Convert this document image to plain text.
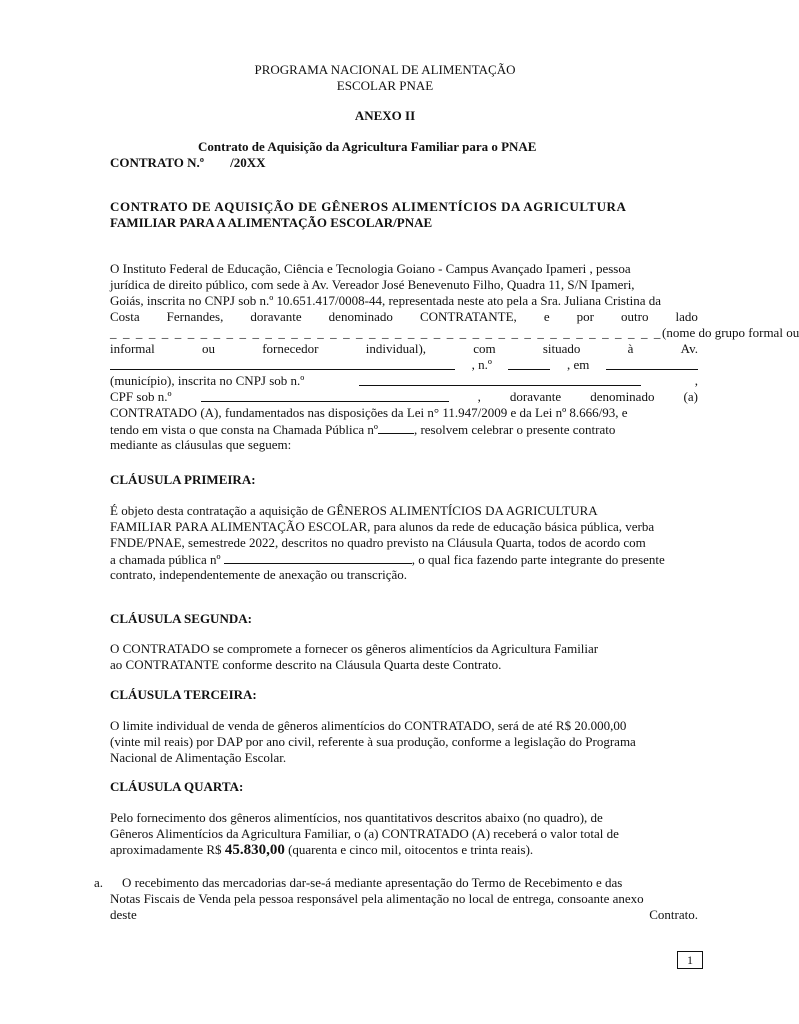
PROGRAMA NACIONAL DE ALIMENTAÇÃO
ESCOLAR PNAE
ANEXO II
Contrato de Aquisição da Agricultura Familiar para o PNAE
CONTRATO N.º /20XX
CONTRATO DE AQUISIÇÃO DE GÊNEROS ALIMENTÍCIOS DA AGRICULTURA
FAMILIAR PARA A ALIMENTAÇÃO ESCOLAR/PNAE
O Instituto Federal de Educação, Ciência e Tecnologia Goiano - Campus Avançado Ipameri , pessoa
jurídica de direito público, com sede à Av. Vereador José Benevenuto Filho, Quadra 11, S/N Ipameri,
Goiás, inscrita no CNPJ sob n.º 10.651.417/0008-44, representada neste ato pela a Sra. Juliana Cristina da
Costa Fernandes, doravante denominado CONTRATANTE, e por outro lado
_ _ _ _ _ _ _ _ _ _ _ _ _ _ _ _ _ _ _ _ _ _ _ _ _ _ _ _ _ _ _ _ _ _ _ _ _ _ _ _ _ _ _ (nome do grupo formal ou
informal	ou	fornecedor	individual),	com	situado	à	Av.
, n.º	, em
(município), inscrita no CNPJ sob n.º	,
CPF sob n.º	, doravante denominado (a)
CONTRATADO (A), fundamentados nas disposições da Lei n° 11.947/2009 e da Lei nº 8.666/93, e
tendo em vista o que consta na Chamada Pública nº	, resolvem celebrar o presente contrato
mediante as cláusulas que seguem:
CLÁUSULA PRIMEIRA:
É objeto desta contratação a aquisição de GÊNEROS ALIMENTÍCIOS DA AGRICULTURA
FAMILIAR PARA ALIMENTAÇÃO ESCOLAR, para alunos da rede de educação básica pública, verba
FNDE/PNAE, semestrede 2022, descritos no quadro previsto na Cláusula Quarta, todos de acordo com
a chamada pública nº	, o qual fica fazendo parte integrante do presente
contrato, independentemente de anexação ou transcrição.
CLÁUSULA SEGUNDA:
O CONTRATADO se compromete a fornecer os gêneros alimentícios da Agricultura Familiar
ao CONTRATANTE conforme descrito na Cláusula Quarta deste Contrato.
CLÁUSULA TERCEIRA:
O limite individual de venda de gêneros alimentícios do CONTRATADO, será de até R$ 20.000,00
(vinte mil reais) por DAP por ano civil, referente à sua produção, conforme a legislação do Programa
Nacional de Alimentação Escolar.
CLÁUSULA QUARTA:
Pelo fornecimento dos gêneros alimentícios, nos quantitativos descritos abaixo (no quadro), de
Gêneros Alimentícios da Agricultura Familiar, o (a) CONTRATADO (A) receberá o valor total de
aproximadamente R$ 45.830,00 (quarenta e cinco mil, oitocentos e trinta reais).
a.	O recebimento das mercadorias dar-se-á mediante apresentação do Termo de Recebimento e das
Notas Fiscais de Venda pela pessoa responsável pela alimentação no local de entrega, consoante anexo
deste	Contrato.
1
